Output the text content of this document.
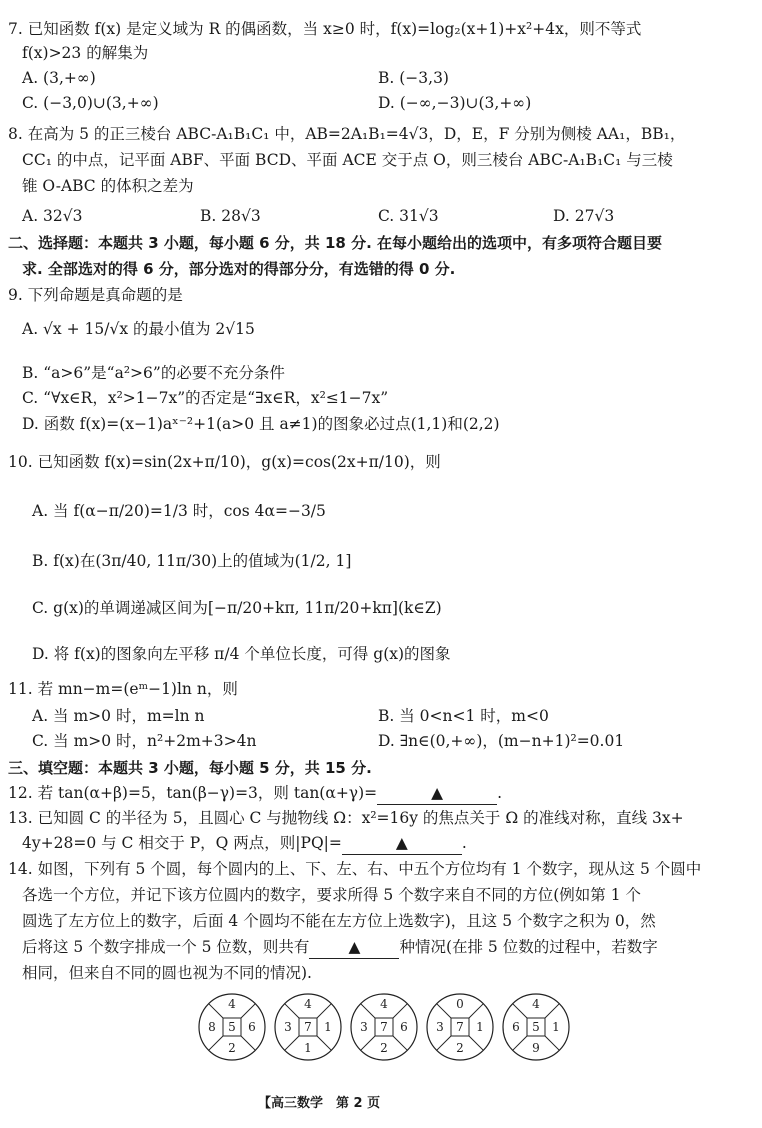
7. 已知函数 f(x) 是定义域为 R 的偶函数，当 x≥0 时，f(x)=log₂(x+1)+x²+4x，则不等式
f(x)>23 的解集为
A. (3,+∞)	B. (−3,3)
C. (−3,0)∪(3,+∞)	D. (−∞,−3)∪(3,+∞)
8. 在高为 5 的正三棱台 ABC-A₁B₁C₁ 中，AB=2A₁B₁=4√3，D，E，F 分别为侧棱 AA₁，BB₁，
CC₁ 的中点，记平面 ABF、平面 BCD、平面 ACE 交于点 O，则三棱台 ABC-A₁B₁C₁ 与三棱
锥 O-ABC 的体积之差为
A. 32√3	B. 28√3	C. 31√3	D. 27√3
二、选择题：本题共 3 小题，每小题 6 分，共 18 分. 在每小题给出的选项中，有多项符合题目要
求. 全部选对的得 6 分，部分选对的得部分分，有选错的得 0 分.
9. 下列命题是真命题的是
A. √x + 15/√x 的最小值为 2√15
B. “a>6”是“a²>6”的必要不充分条件
C. “∀x∈R，x²>1−7x”的否定是“∃x∈R，x²≤1−7x”
D. 函数 f(x)=(x−1)aˣ⁻²+1(a>0 且 a≠1)的图象必过点(1,1)和(2,2)
10. 已知函数 f(x)=sin(2x+π/10)，g(x)=cos(2x+π/10)，则
A. 当 f(α−π/20)=1/3 时，cos 4α=−3/5
B. f(x)在(3π/40, 11π/30)上的值域为(1/2, 1]
C. g(x)的单调递减区间为[−π/20+kπ, 11π/20+kπ](k∈Z)
D. 将 f(x)的图象向左平移 π/4 个单位长度，可得 g(x)的图象
11. 若 mn−m=(eᵐ−1)ln n，则
A. 当 m>0 时，m=ln n	B. 当 0<n<1 时，m<0
C. 当 m>0 时，n²+2m+3>4n	D. ∃n∈(0,+∞)，(m−n+1)²=0.01
三、填空题：本题共 3 小题，每小题 5 分，共 15 分.
12. 若 tan(α+β)=5，tan(β−γ)=3，则 tan(α+γ)=	▲	.
13. 已知圆 C 的半径为 5，且圆心 C 与抛物线 Ω：x²=16y 的焦点关于 Ω 的准线对称，直线 3x+
4y+28=0 与 C 相交于 P，Q 两点，则|PQ|=	▲	.
14. 如图，下列有 5 个圆，每个圆内的上、下、左、右、中五个方位均有 1 个数字，现从这 5 个圆中
各选一个方位，并记下该方位圆内的数字，要求所得 5 个数字来自不同的方位(例如第 1 个
圆选了左方位上的数字，后面 4 个圆均不能在左方位上选数字)，且这 5 个数字之积为 0，然
后将这 5 个数字排成一个 5 位数，则共有	▲	种情况(在排 5 位数的过程中，若数字
相同，但来自不同的圆也视为不同的情况).
4
2
8	6
5
4
1
3	1
7
4
2
3	6
7
0
2
3	1
7
4
9
6	1
5
【高三数学　第 2 页
